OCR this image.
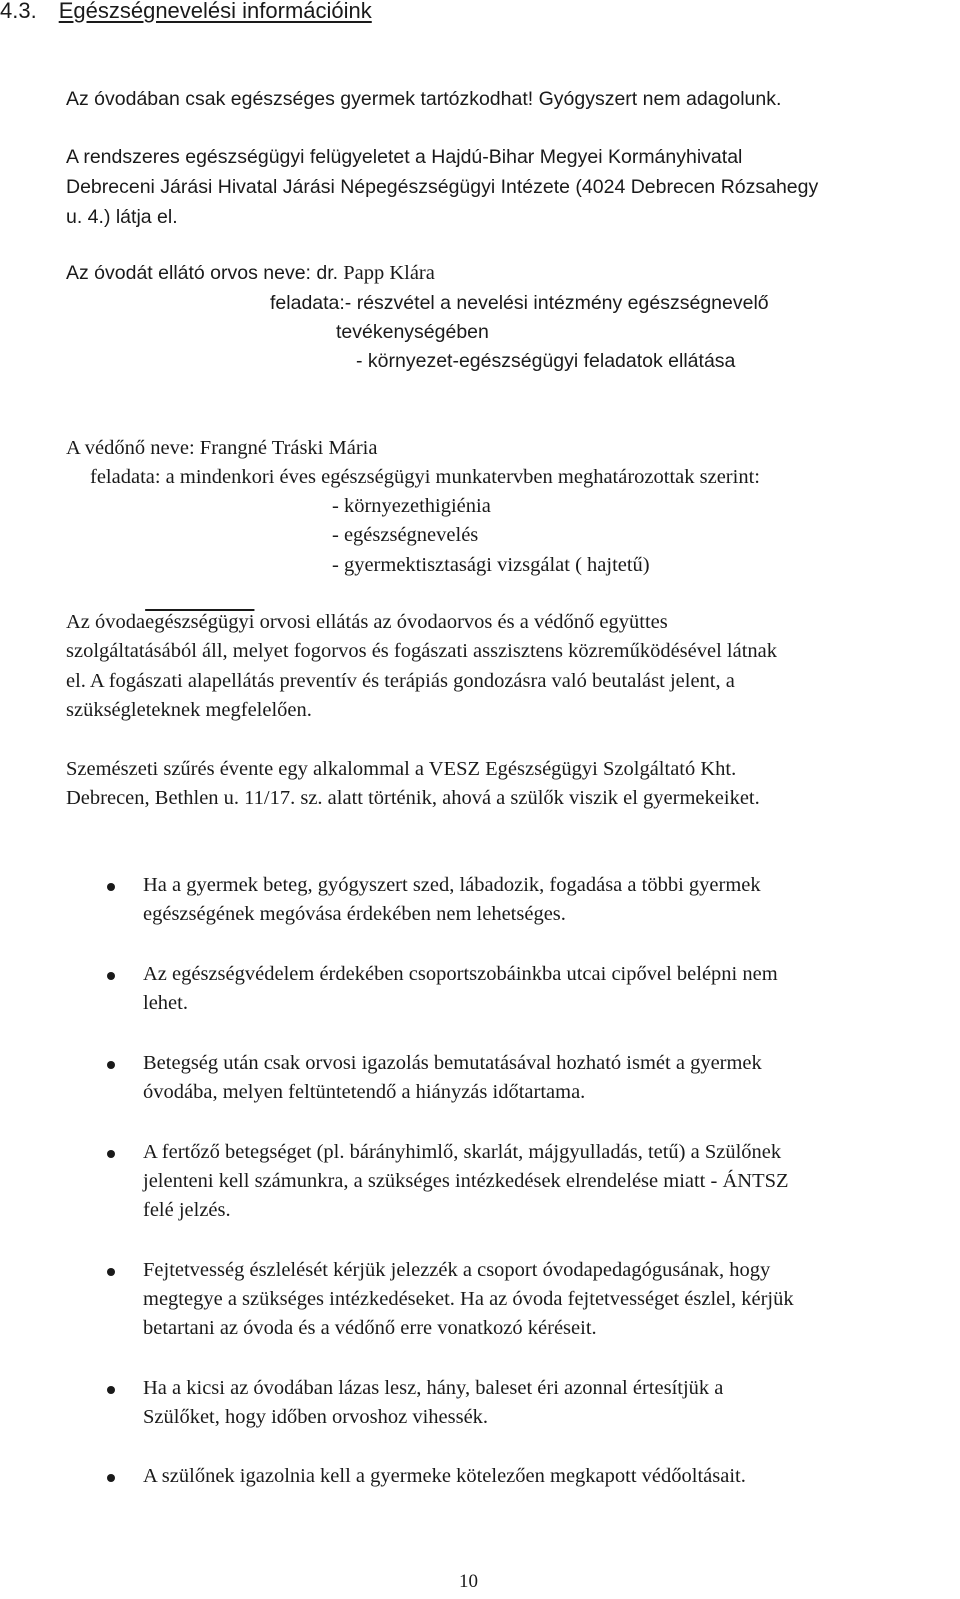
4.3. Egészségnevelési információink
Az óvodában csak egészséges gyermek tartózkodhat! Gyógyszert nem adagolunk.
A rendszeres egészségügyi felügyeletet a Hajdú-Bihar Megyei Kormányhivatal
Debreceni Járási Hivatal Járási Népegészségügyi Intézete (4024 Debrecen Rózsahegy
u. 4.) látja el.
Az óvodát ellátó orvos neve: dr. Papp Klára
feladata:- részvétel a nevelési intézmény egészségnevelő
tevékenységében
- környezet-egészségügyi feladatok ellátása
A védőnő neve: Frangné Tráski Mária
feladata: a mindenkori éves egészségügyi munkatervben meghatározottak szerint:
- környezethigiénia
- egészségnevelés
- gyermektisztasági vizsgálat ( hajtetű)
Az óvodaegészségügyi orvosi ellátás az óvodaorvos és a védőnő együttes
szolgáltatásából áll, melyet fogorvos és fogászati asszisztens közreműködésével látnak
el. A fogászati alapellátás preventív és terápiás gondozásra való beutalást jelent, a
szükségleteknek megfelelően.
Szemészeti szűrés évente egy alkalommal a VESZ Egészségügyi Szolgáltató Kht.
Debrecen, Bethlen u. 11/17. sz. alatt történik, ahová a szülők viszik el gyermekeiket.
Ha a gyermek beteg, gyógyszert szed, lábadozik, fogadása a többi gyermek
egészségének megóvása érdekében nem lehetséges.
Az egészségvédelem érdekében csoportszobáinkba utcai cipővel belépni nem
lehet.
Betegség után csak orvosi igazolás bemutatásával hozható ismét a gyermek
óvodába, melyen feltüntetendő a hiányzás időtartama.
A fertőző betegséget (pl. bárányhimlő, skarlát, májgyulladás, tetű) a Szülőnek
jelenteni kell számunkra, a szükséges intézkedések elrendelése miatt - ÁNTSZ
felé jelzés.
Fejtetvesség észlelését kérjük jelezzék a csoport óvodapedagógusának, hogy
megtegye a szükséges intézkedéseket. Ha az óvoda fejtetvességet észlel, kérjük
betartani az óvoda és a védőnő erre vonatkozó kéréseit.
Ha a kicsi az óvodában lázas lesz, hány, baleset éri azonnal értesítjük a
Szülőket, hogy időben orvoshoz vihessék.
A szülőnek igazolnia kell a gyermeke kötelezően megkapott védőoltásait.
10
